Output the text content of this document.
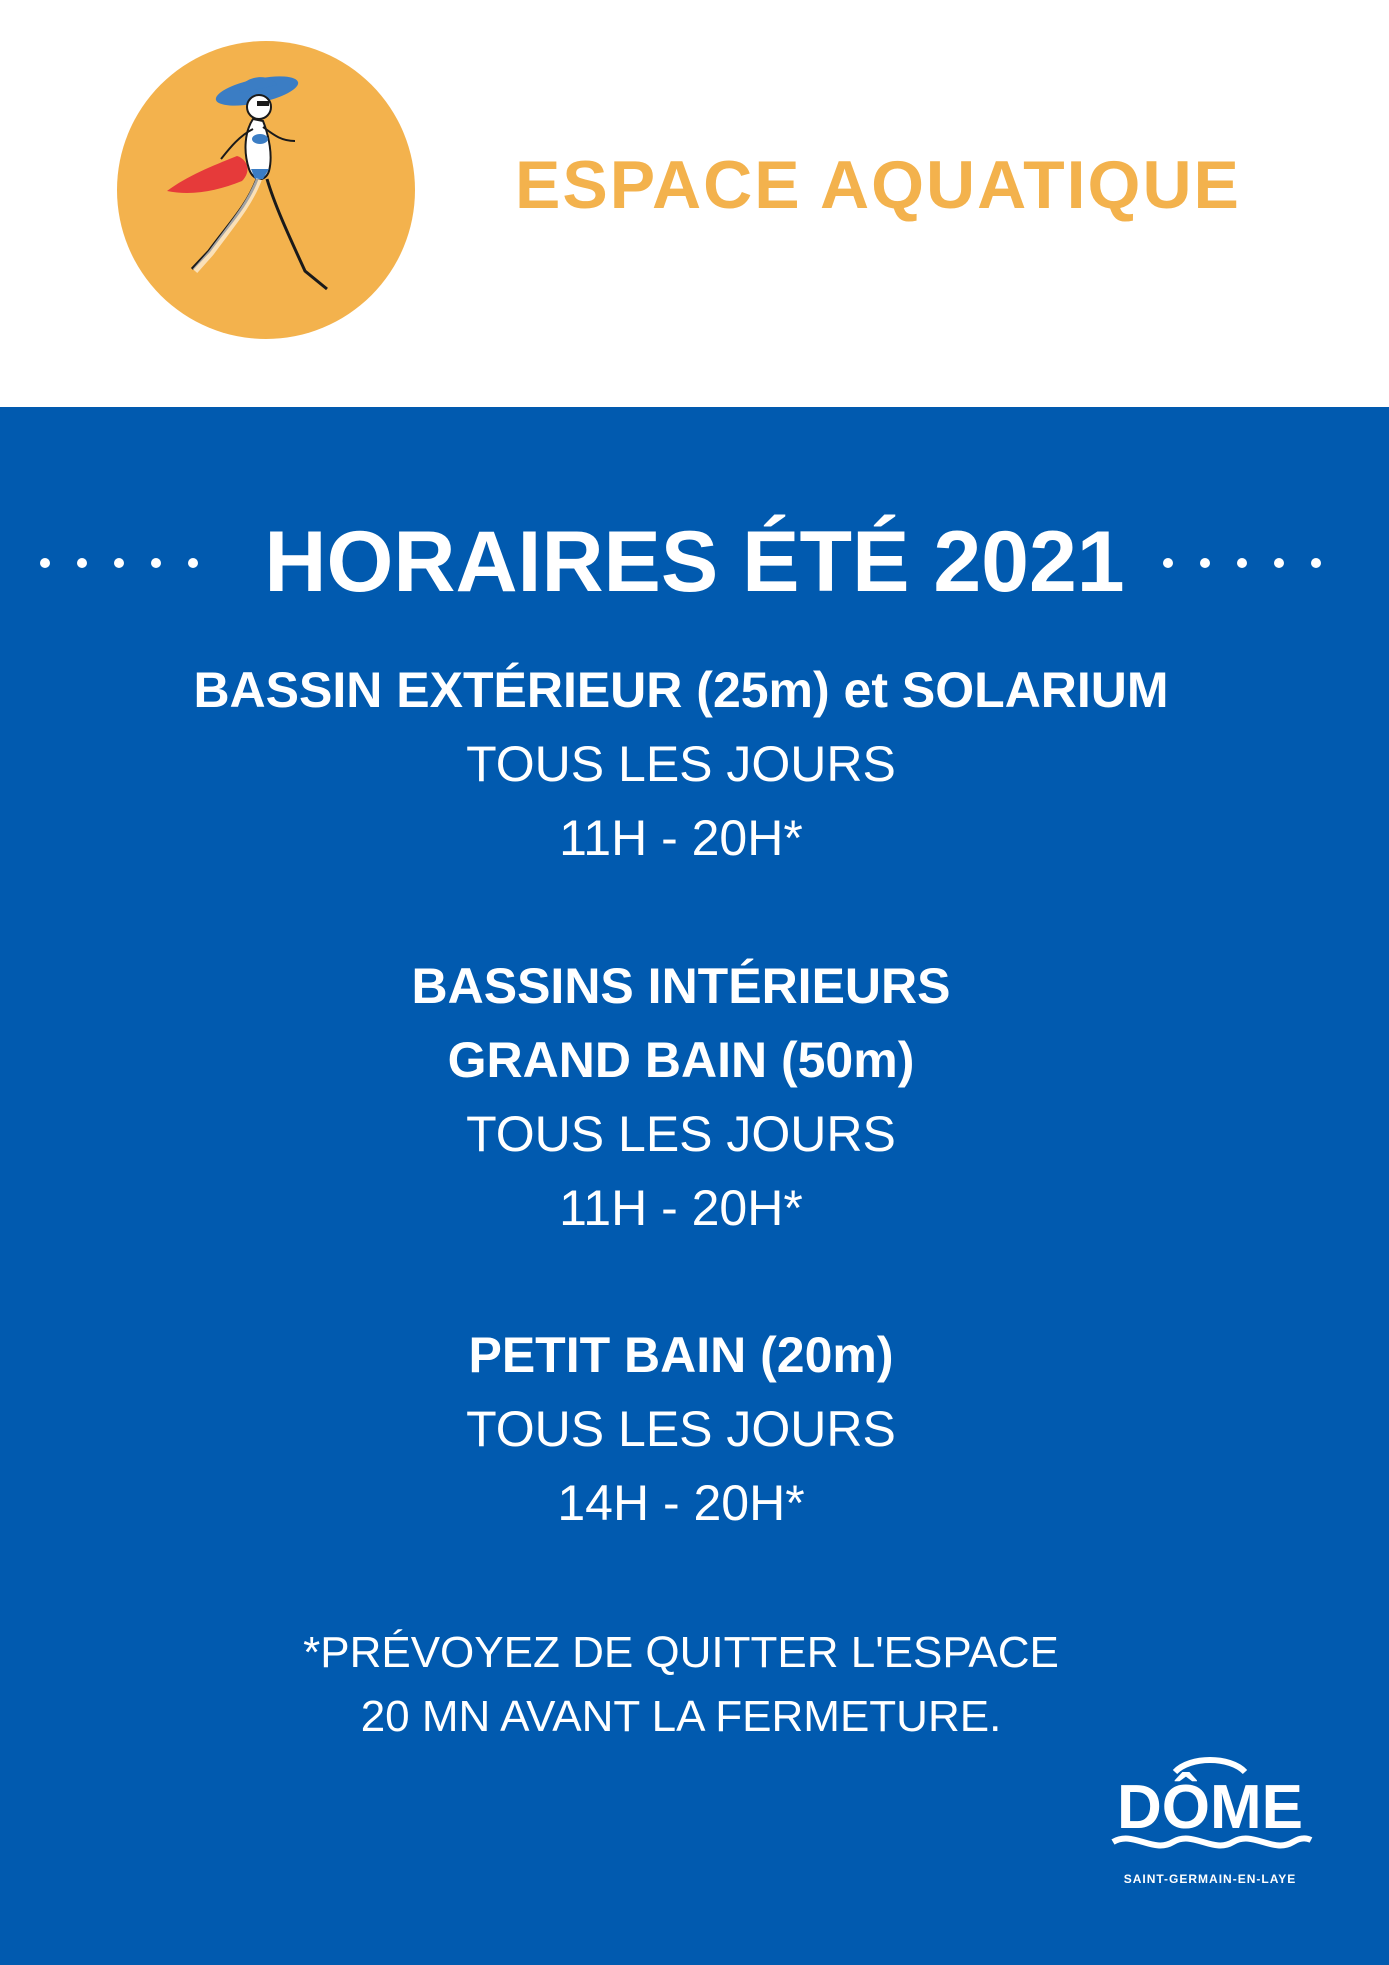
ESPACE AQUATIQUE
HORAIRES ÉTÉ 2021
BASSIN EXTÉRIEUR (25m) et SOLARIUM
TOUS LES JOURS
11H - 20H*
BASSINS INTÉRIEURS
GRAND BAIN (50m)
TOUS LES JOURS
11H - 20H*
PETIT BAIN (20m)
TOUS LES JOURS
14H - 20H*
*PRÉVOYEZ DE QUITTER L'ESPACE
20 MN AVANT LA FERMETURE.
DÔME
SAINT-GERMAIN-EN-LAYE
